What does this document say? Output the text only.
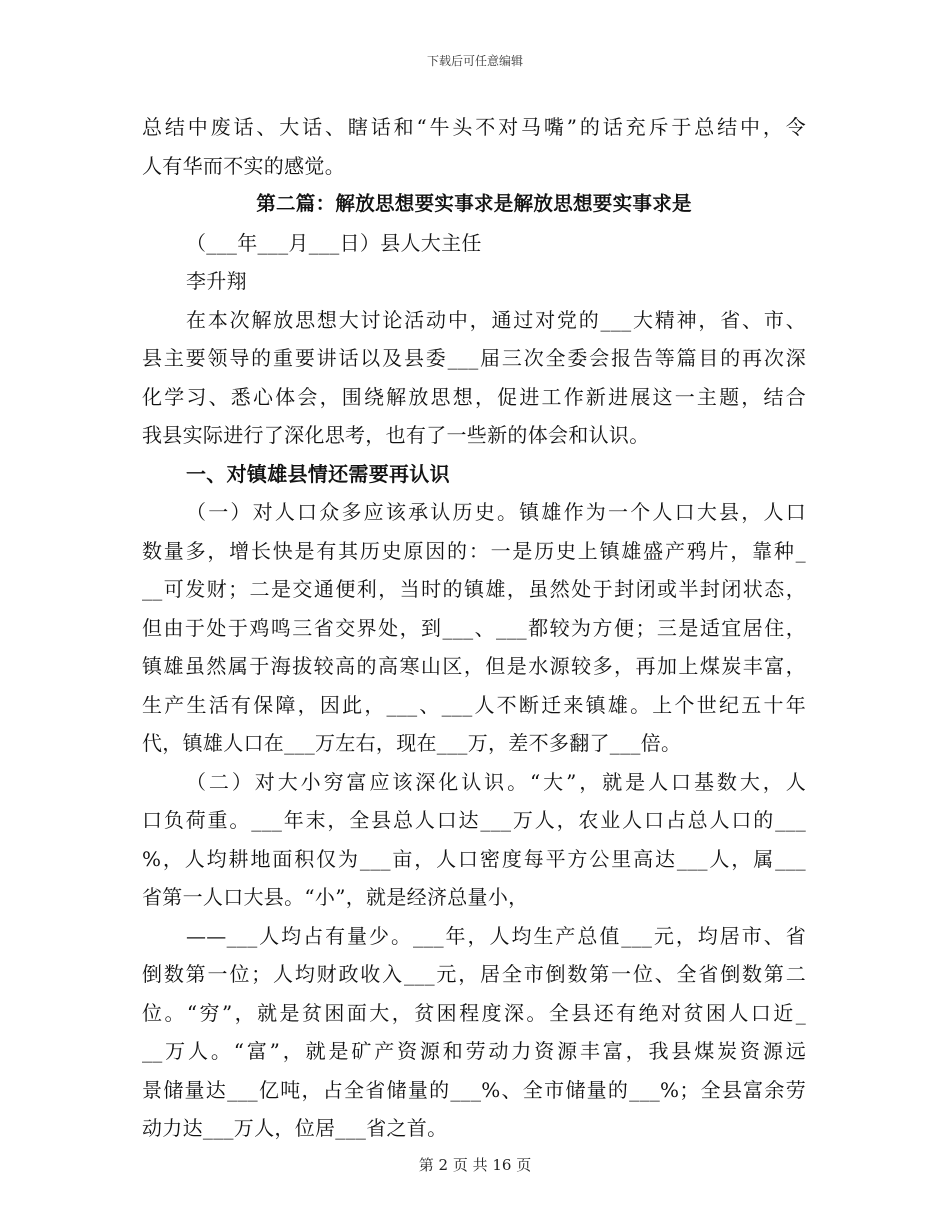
下载后可任意编辑
总结中废话、大话、瞎话和“牛头不对马嘴”的话充斥于总结中，令
人有华而不实的感觉。
第二篇：解放思想要实事求是解放思想要实事求是
（___年___月___日）县人大主任
李升翔
在本次解放思想大讨论活动中，通过对党的___大精神，省、市、
县主要领导的重要讲话以及县委___届三次全委会报告等篇目的再次深
化学习、悉心体会，围绕解放思想，促进工作新进展这一主题，结合
我县实际进行了深化思考，也有了一些新的体会和认识。
一、对镇雄县情还需要再认识
（一）对人口众多应该承认历史。镇雄作为一个人口大县，人口
数量多，增长快是有其历史原因的：一是历史上镇雄盛产鸦片，靠种_
__可发财；二是交通便利，当时的镇雄，虽然处于封闭或半封闭状态，
但由于处于鸡鸣三省交界处，到___、___都较为方便；三是适宜居住，
镇雄虽然属于海拔较高的高寒山区，但是水源较多，再加上煤炭丰富，
生产生活有保障，因此，___、___人不断迁来镇雄。上个世纪五十年
代，镇雄人口在___万左右，现在___万，差不多翻了___倍。
（二）对大小穷富应该深化认识。“大”，就是人口基数大，人
口负荷重。___年末，全县总人口达___万人，农业人口占总人口的___
%，人均耕地面积仅为___亩，人口密度每平方公里高达___人，属___
省第一人口大县。“小”，就是经济总量小，
——___人均占有量少。___年，人均生产总值___元，均居市、省
倒数第一位；人均财政收入___元，居全市倒数第一位、全省倒数第二
位。“穷”，就是贫困面大，贫困程度深。全县还有绝对贫困人口近_
__万人。“富”，就是矿产资源和劳动力资源丰富，我县煤炭资源远
景储量达___亿吨，占全省储量的___%、全市储量的___%；全县富余劳
动力达___万人，位居___省之首。
第 2 页 共 16 页
